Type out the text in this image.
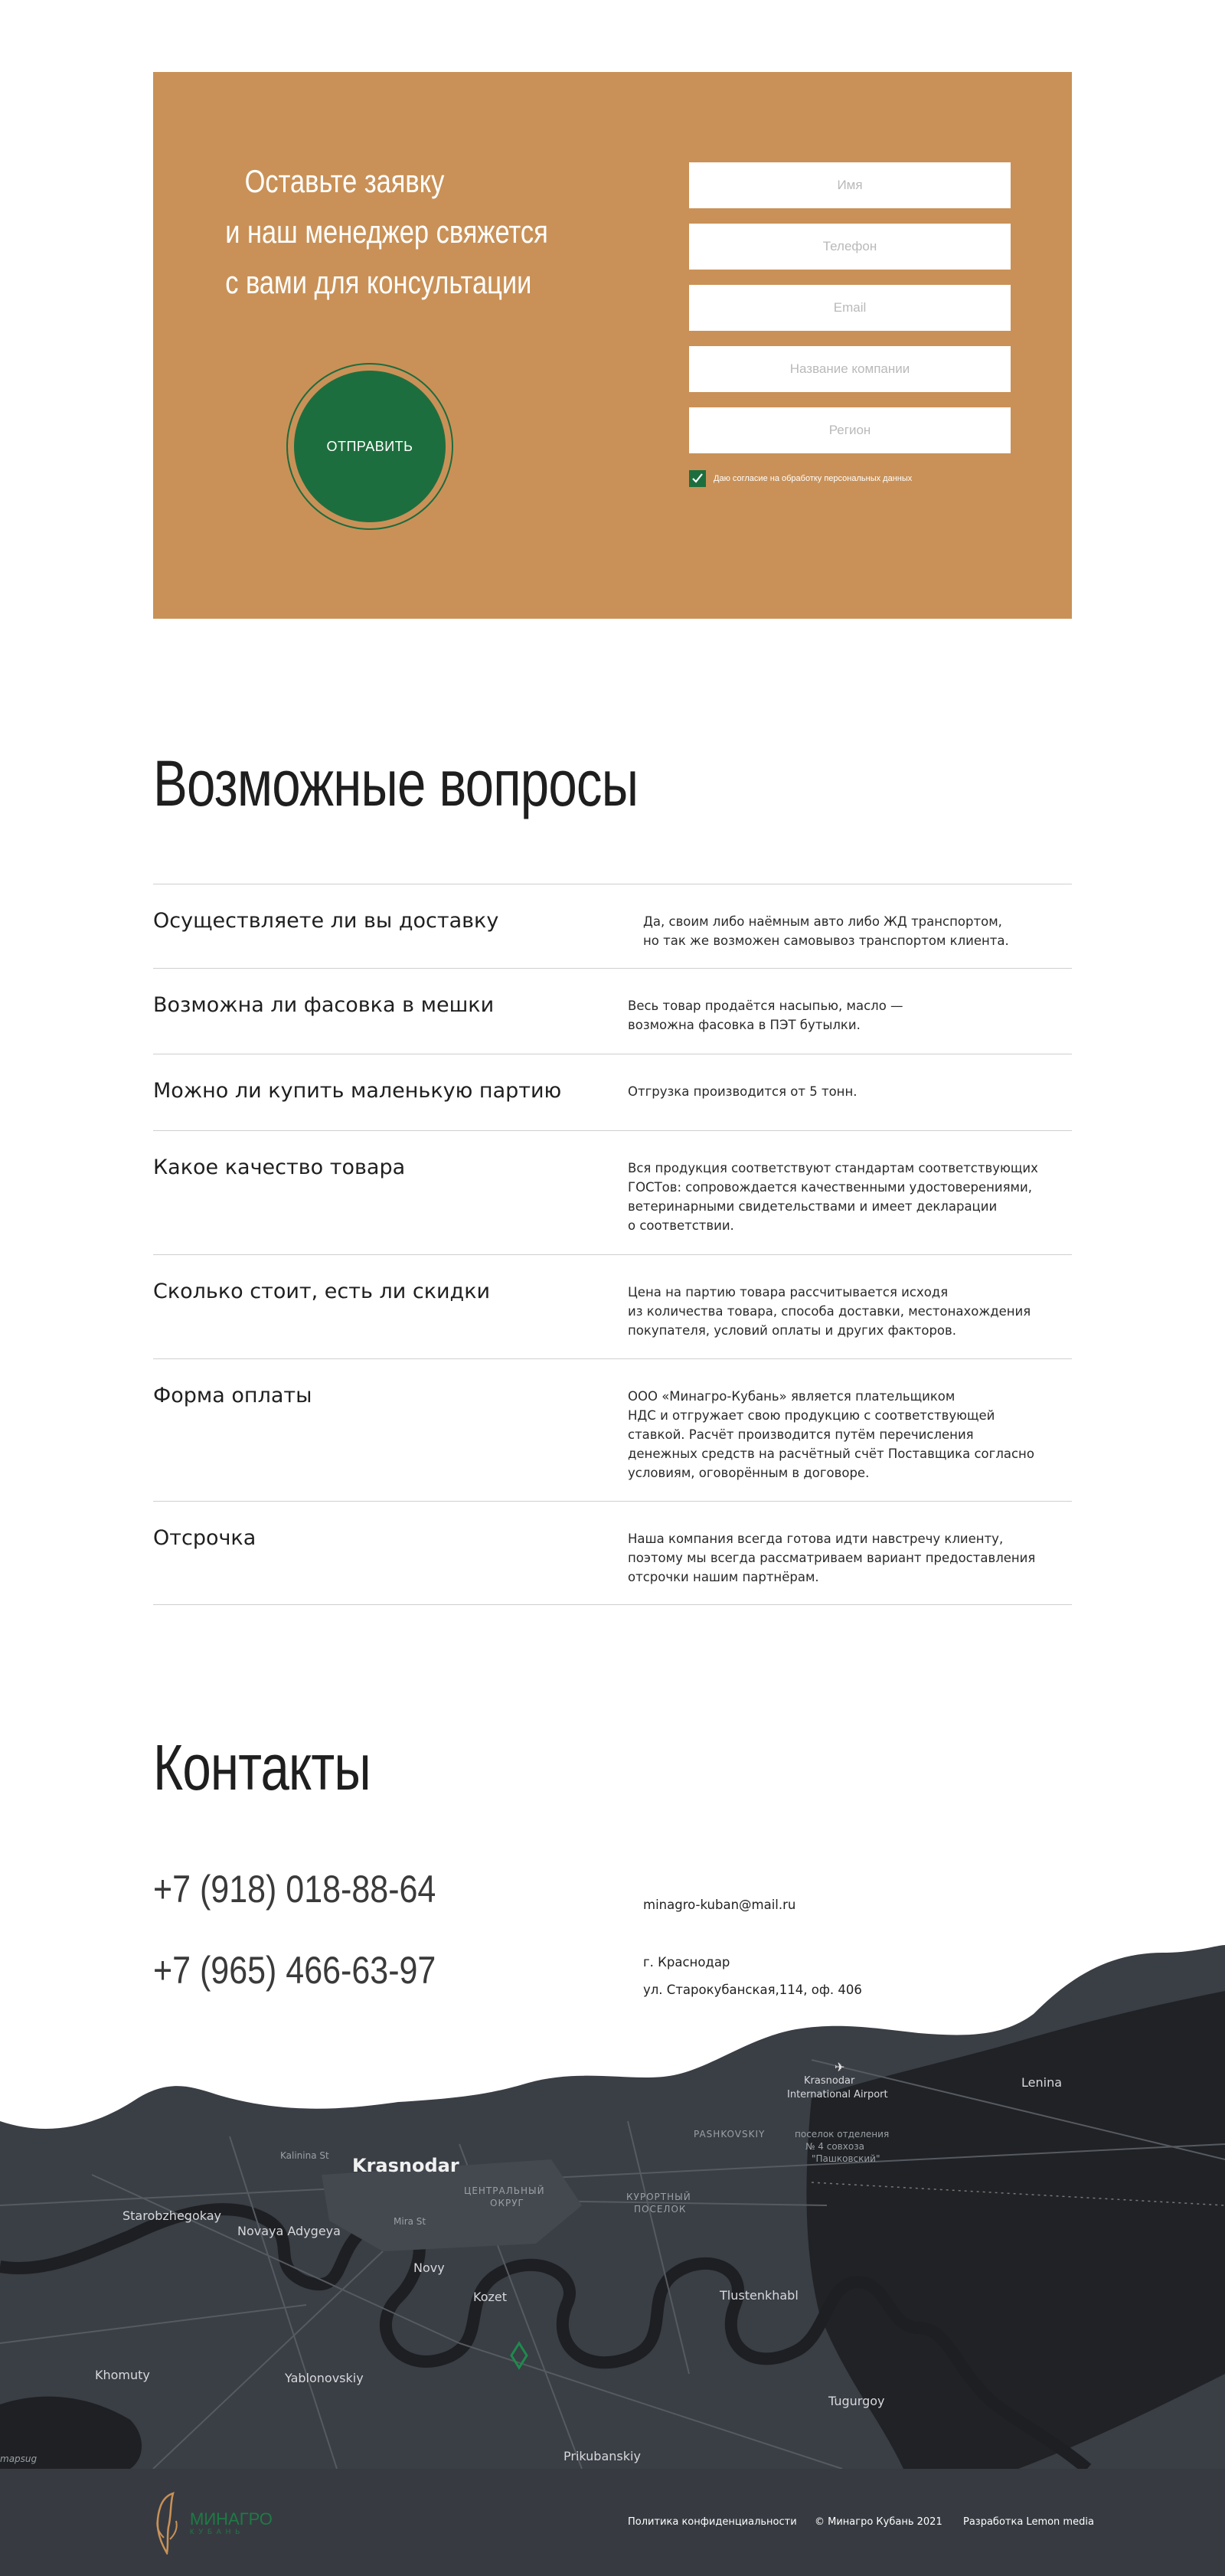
Оставьте заявку
и наш менеджер свяжется
с вами для консультации
ОТПРАВИТЬ
Имя
Телефон
Email
Название компании
Регион
Даю согласие на обработку персональных данных
Возможные вопросы
Осуществляете ли вы доставку	Да, своим либо наёмным авто либо ЖД транспортом,
но так же возможен самовывоз транспортом клиента.
Возможна ли фасовка в мешки	Весь товар продаётся насыпью, масло —
возможна фасовка в ПЭТ бутылки.
Можно ли купить маленькую партию	Отгрузка производится от 5 тонн.
Какое качество товара	Вся продукция соответствуют стандартам соответствующих
ГОСТов: сопровождается качественными удостоверениями,
ветеринарными свидетельствами и имеет декларации
о соответствии.
Сколько стоит, есть ли скидки	Цена на партию товара рассчитывается исходя
из количества товара, способа доставки, местонахождения
покупателя, условий оплаты и других факторов.
Форма оплаты	ООО «Минагро-Кубань» является плательщиком
НДС и отгружает свою продукцию с соответствующей
ставкой. Расчёт производится путём перечисления
денежных средств на расчётный счёт Поставщика согласно
условиям, оговорённым в договоре.
Отсрочка	Наша компания всегда готова идти навстречу клиенту,
поэтому мы всегда рассматриваем вариант предоставления
отсрочки нашим партнёрам.
Контакты
+7 (918) 018-88-64
+7 (965) 466-63-97
minagro-kuban@mail.ru
г. Краснодар
ул. Старокубанская,114, оф. 406
✈
Krasnodar
Krasnodar
International Airport
Lenina
PASHKOVSKIY	поселок отделения
№ 4 совхоза
"Пашковский"
Kalinina St
ЦЕНТРАЛЬНЫЙ
ОКРУГ
КУРОРТНЫЙ
ПОСЕЛОК
Starobzhegokay
Novaya Adygeya
Mira St
Novy
Kozet	Tlustenkhabl
Khomuty	Yablonovskiy
Tugurgoy
Prikubanskiy
mapsug
МИНАГРО
КУБАНЬ
Политика конфиденциальности © Минагро Кубань 2021 Разработка Lemon media
